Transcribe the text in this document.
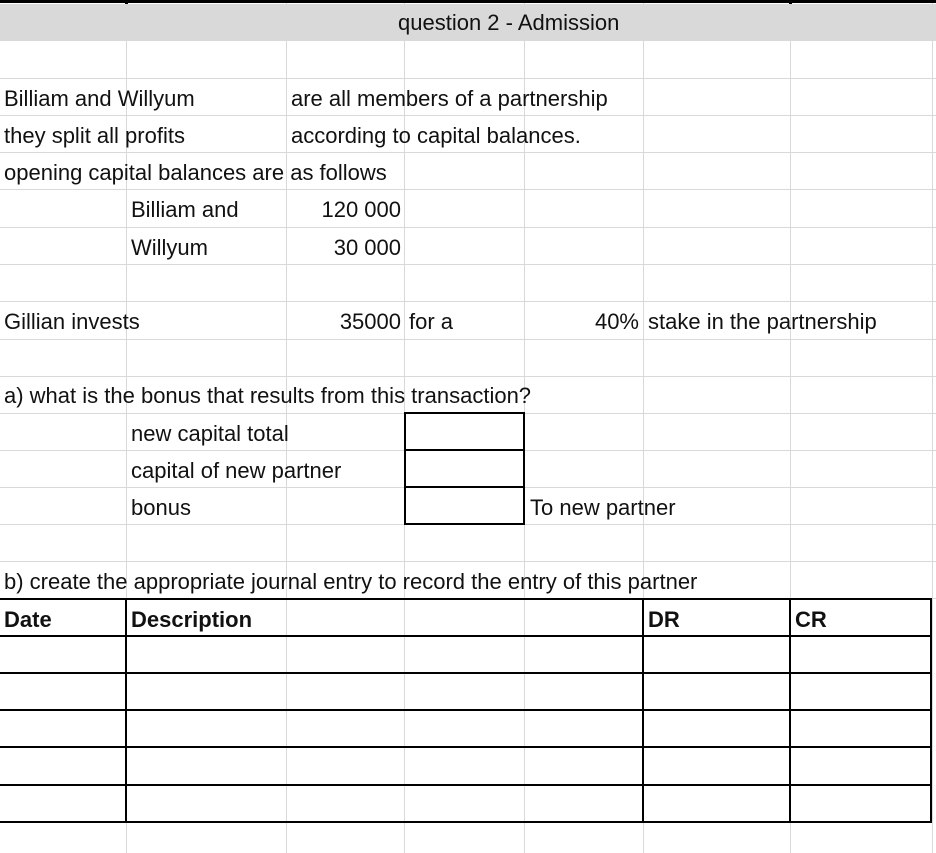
question 2 - Admission
Billiam and Willyum	are all members of a partnership
they split all profits	according to capital balances.
opening capital balances are as follows
Billiam and	120 000
Willyum	30 000
Gillian invests	35000 for a	40% stake in the partnership
a) what is the bonus that results from this transaction?
new capital total
capital of new partner
bonus	To new partner
b) create the appropriate journal entry to record the entry of this partner
Date	Description	DR	CR
